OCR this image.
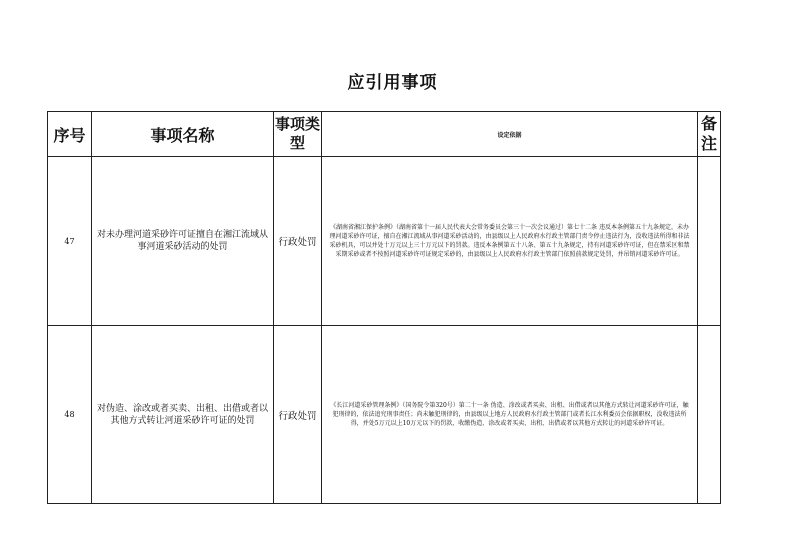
应引用事项
序号	事项名称	事项类型	设定依据	备注
47	对未办理河道采砂许可证擅自在湘江流域从事河道采砂活动的处罚	行政处罚	《湖南省湘江保护条例》（湖南省第十一届人民代表大会常务委员会第三十一次会议通过）第七十二条 违反本条例第五十九条规定，未办理河道采砂许可证，擅自在湘江流域从事河道采砂活动的，由县级以上人民政府水行政主管部门责令停止违法行为，没收违法所得和非法采砂机具，可以并处十万元以上三十万元以下的罚款。违反本条例第五十八条、第五十九条规定，持有河道采砂许可证，但在禁采区和禁采期采砂或者不按照河道采砂许可证规定采砂的，由县级以上人民政府水行政主管部门依照前款规定处罚，并吊销河道采砂许可证。	
48	对伪造、涂改或者买卖、出租、出借或者以其他方式转让河道采砂许可证的处罚	行政处罚	《长江河道采砂管理条例》（国务院令第320号）第二十一条 伪造、涂改或者买卖、出租、出借或者以其他方式转让河道采砂许可证，触犯刑律的，依法追究刑事责任；尚未触犯刑律的，由县级以上地方人民政府水行政主管部门或者长江水利委员会依据职权，没收违法所得，并处5万元以上10万元以下的罚款，收缴伪造、涂改或者买卖、出租、出借或者以其他方式转让的河道采砂许可证。	
